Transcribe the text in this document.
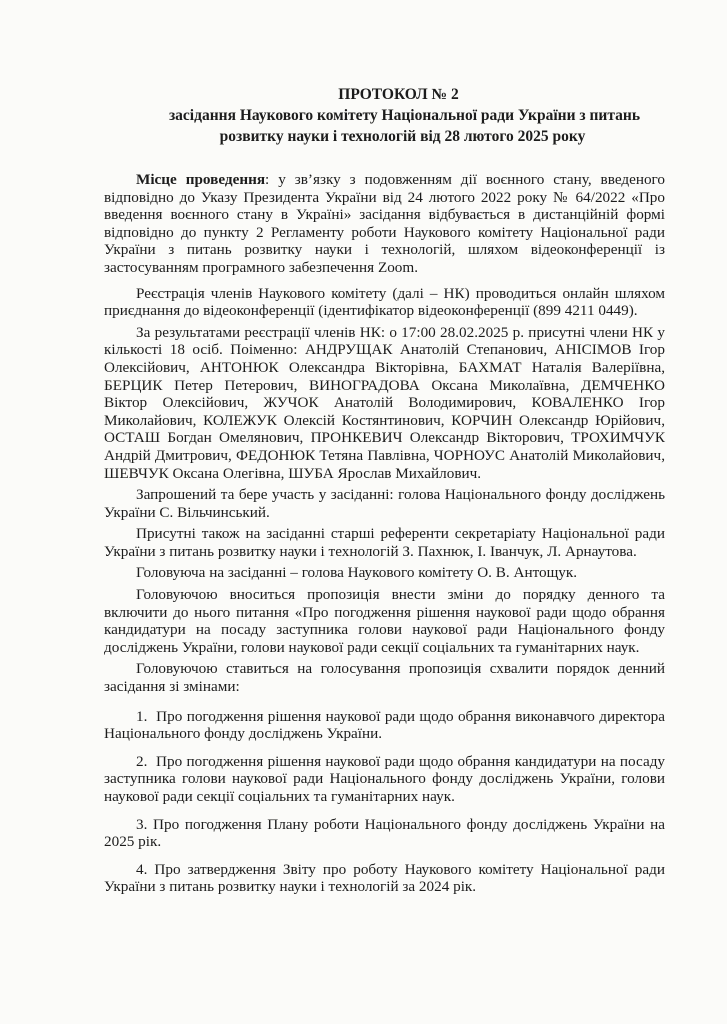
ПРОТОКОЛ № 2
засідання Наукового комітету Національної ради України з питань
розвитку науки і технологій від 28 лютого 2025 року

Місце проведення: у зв’язку з подовженням дії воєнного стану, введеного відповідно до Указу Президента України від 24 лютого 2022 року № 64/2022 «Про введення воєнного стану в Україні» засідання відбувається в дистанційній формі відповідно до пункту 2 Регламенту роботи Наукового комітету Національної ради України з питань розвитку науки і технологій, шляхом відеоконференції із застосуванням програмного забезпечення Zoom.

Реєстрація членів Наукового комітету (далі – НК) проводиться онлайн шляхом приєднання до відеоконференції (ідентифікатор відеоконференції (899 4211 0449).

За результатами реєстрації членів НК: о 17:00 28.02.2025 р. присутні члени НК у кількості 18 осіб. Поіменно: АНДРУЩАК Анатолій Степанович, АНІСІМОВ Ігор Олексійович, АНТОНЮК Олександра Вікторівна, БАХМАТ Наталія Валеріївна, БЕРЦИК Петер Петерович, ВИНОГРАДОВА Оксана Миколаївна, ДЕМЧЕНКО Віктор Олексійович, ЖУЧОК Анатолій Володимирович, КОВАЛЕНКО Ігор Миколайович, КОЛЕЖУК Олексій Костянтинович, КОРЧИН Олександр Юрійович, ОСТАШ Богдан Омелянович, ПРОНКЕВИЧ Олександр Вікторович, ТРОХИМЧУК Андрій Дмитрович, ФЕДОНЮК Тетяна Павлівна, ЧОРНОУС Анатолій Миколайович, ШЕВЧУК Оксана Олегівна, ШУБА Ярослав Михайлович.

Запрошений та бере участь у засіданні: голова Національного фонду досліджень України С. Вільчинський.

Присутні також на засіданні старші референти секретаріату Національної ради України з питань розвитку науки і технологій З. Пахнюк, І. Іванчук, Л. Арнаутова.

Головуюча на засіданні – голова Наукового комітету О. В. Антощук.

Головуючою вноситься пропозиція внести зміни до порядку денного та включити до нього питання «Про погодження рішення наукової ради щодо обрання кандидатури на посаду заступника голови наукової ради Національного фонду досліджень України, голови наукової ради секції соціальних та гуманітарних наук.

Головуючою ставиться на голосування пропозиція схвалити порядок денний засідання зі змінами:

1. Про погодження рішення наукової ради щодо обрання виконавчого директора Національного фонду досліджень України.
2. Про погодження рішення наукової ради щодо обрання кандидатури на посаду заступника голови наукової ради Національного фонду досліджень України, голови наукової ради секції соціальних та гуманітарних наук.
3. Про погодження Плану роботи Національного фонду досліджень України на 2025 рік.
4. Про затвердження Звіту про роботу Наукового комітету Національної ради України з питань розвитку науки і технологій за 2024 рік.
